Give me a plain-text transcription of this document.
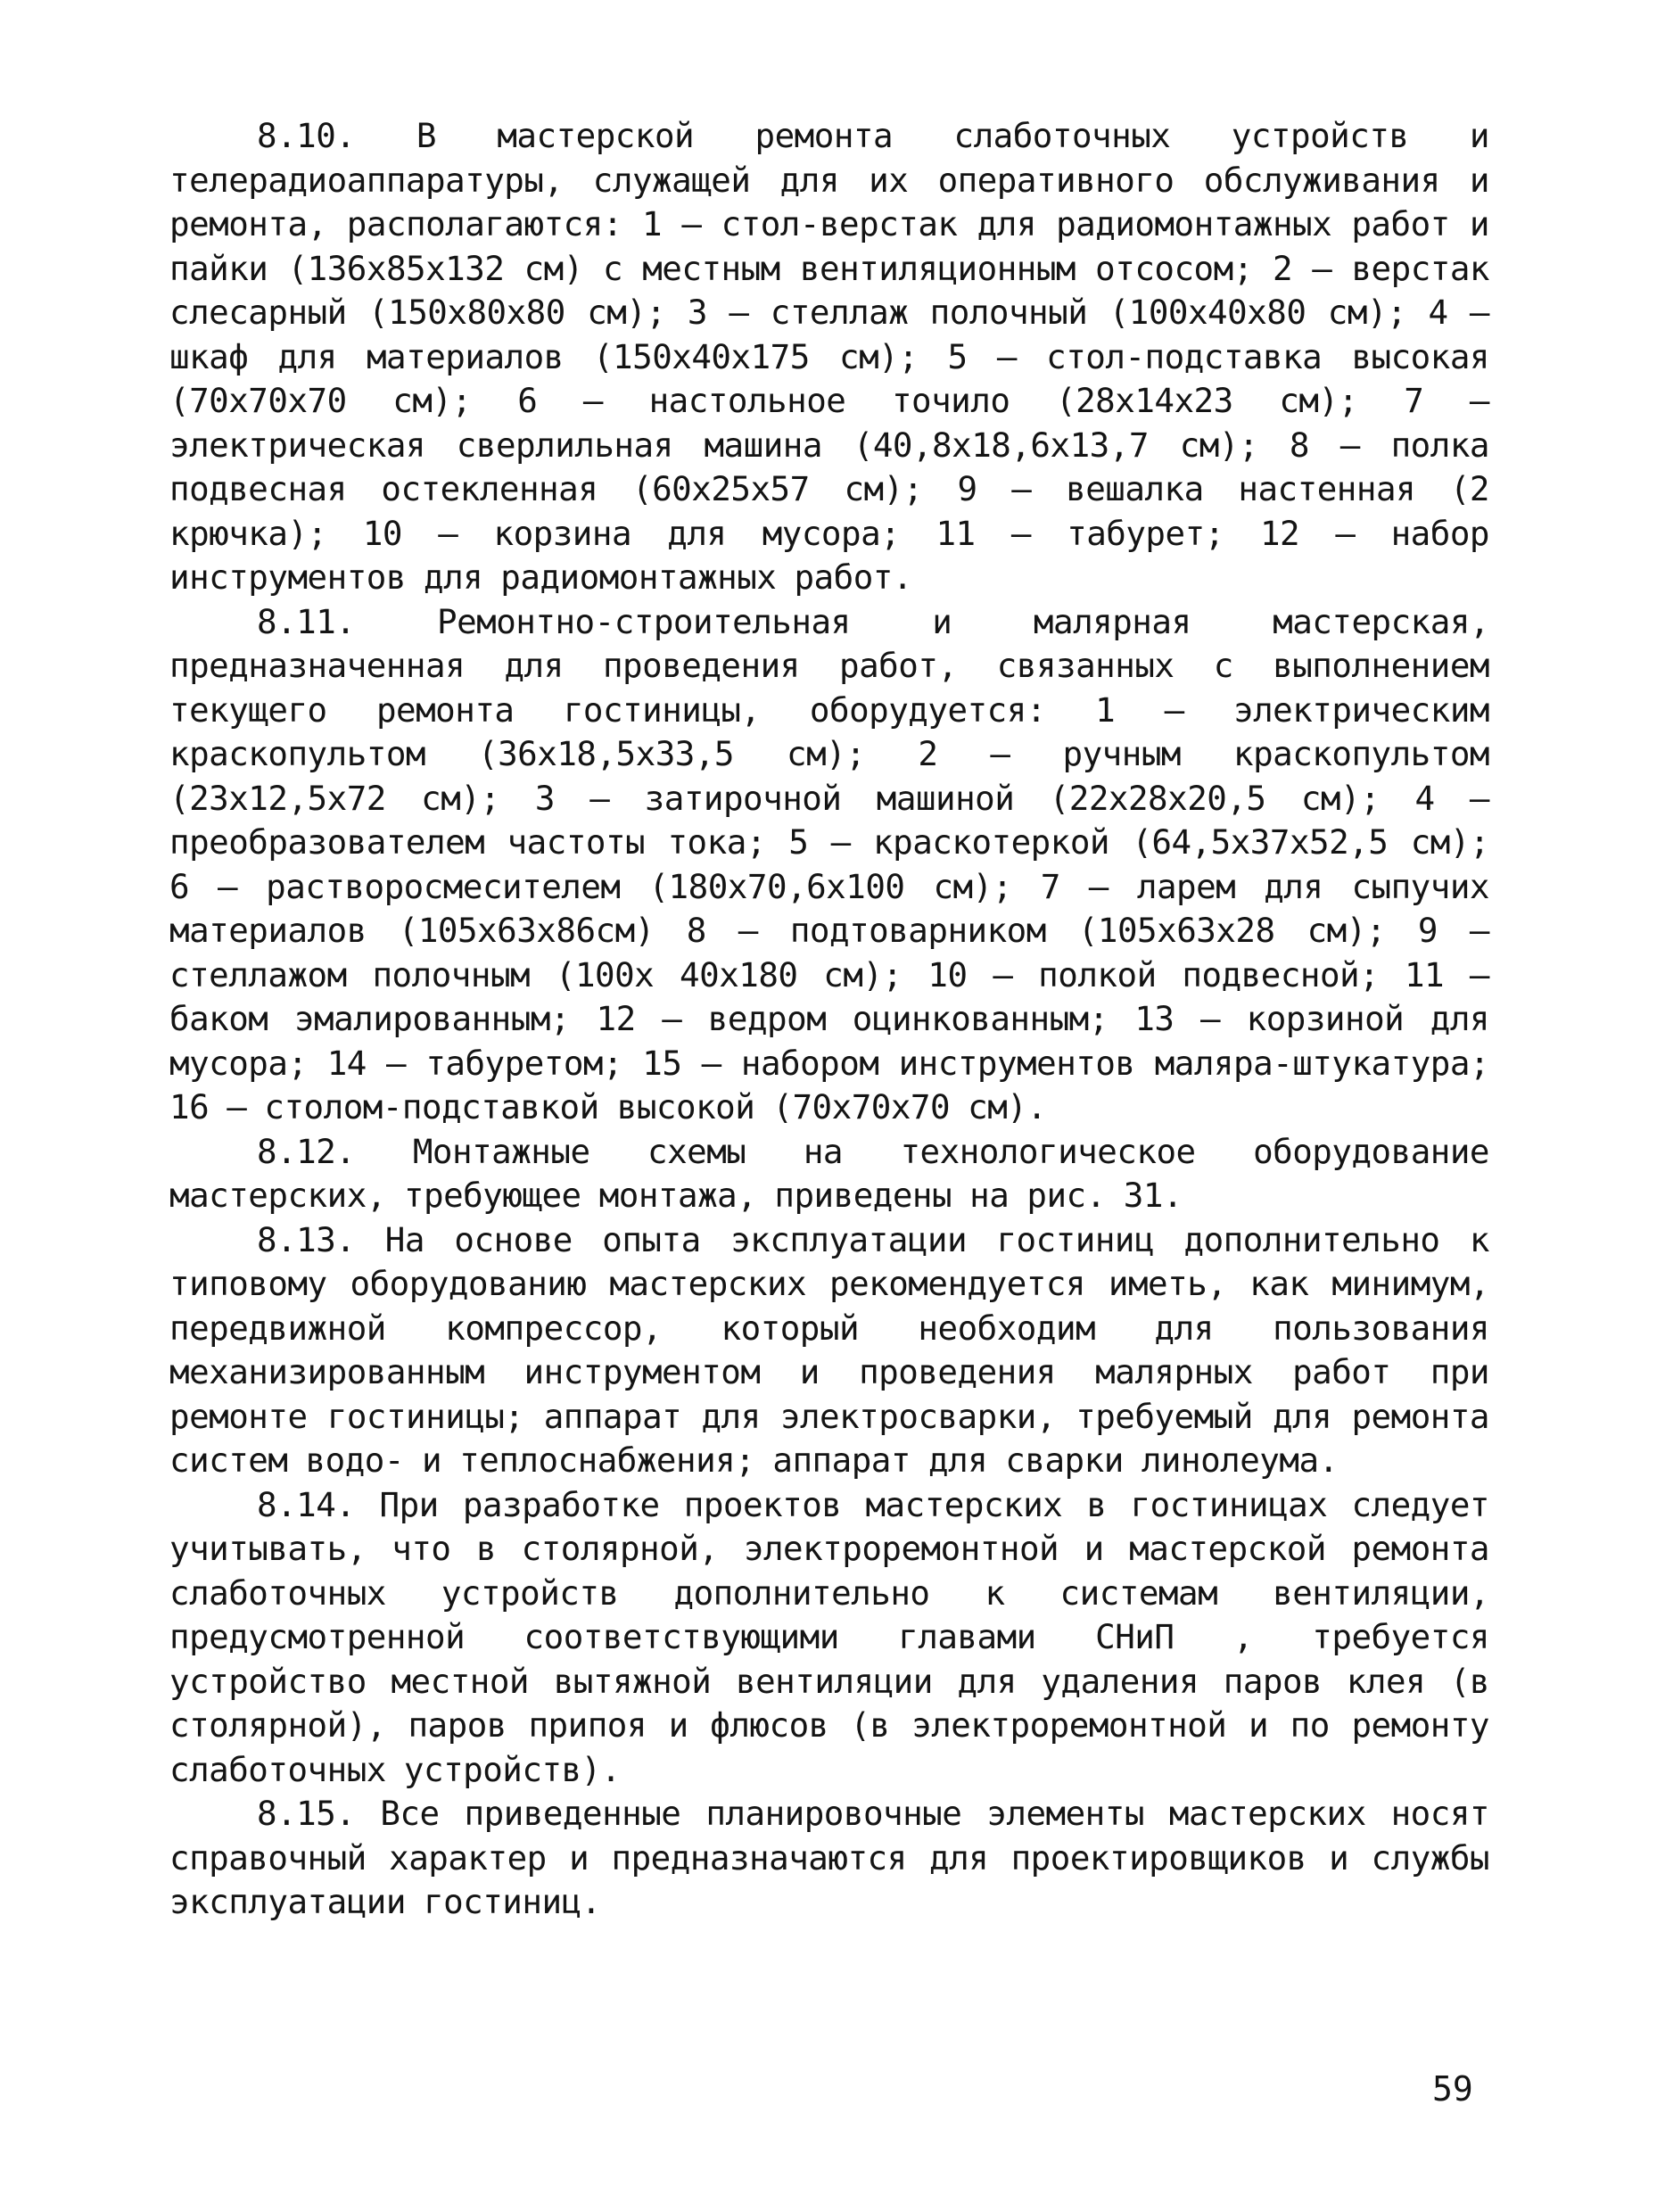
8.10. В мастерской ремонта слаботочных устройств и телерадиоаппаратуры, служащей для их оперативного обслуживания и ремонта, располагаются: 1 – стол-верстак для радиомонтажных работ и пайки (136x85x132 см) с местным вентиляционным отсосом; 2 – верстак слесарный (150x80x80 см); 3 – стеллаж полочный (100x40x80 см); 4 – шкаф для материалов (150x40x175 см); 5 – стол-подставка высокая (70x70x70 см); 6 – настольное точило (28x14x23 см); 7 – электрическая сверлильная машина (40,8x18,6x13,7 см); 8 – полка подвесная остекленная (60x25x57 см); 9 – вешалка настенная (2 крючка); 10 – корзина для мусора; 11 – табурет; 12 – набор инструментов для радиомонтажных работ.

8.11. Ремонтно-строительная и малярная мастерская, предназначенная для проведения работ, связанных с выполнением текущего ремонта гостиницы, оборудуется: 1 – электрическим краскопультом (36x18,5x33,5 см); 2 – ручным краскопультом (23x12,5x72 см); 3 – затирочной машиной (22x28x20,5 см); 4 – преобразователем частоты тока; 5 – краскотеркой (64,5x37x52,5 см); 6 – растворосмесителем (180x70,6x100 см); 7 – ларем для сыпучих материалов (105x63x86см) 8 – подтоварником (105x63x28 см); 9 – стеллажом полочным (100x 40x180 см); 10 – полкой подвесной; 11 – баком эмалированным; 12 – ведром оцинкованным; 13 – корзиной для мусора; 14 – табуретом; 15 – набором инструментов маляра-штукатура; 16 – столом-подставкой высокой (70x70x70 см).

8.12. Монтажные схемы на технологическое оборудование мастерских, требующее монтажа, приведены на рис. 31.

8.13. На основе опыта эксплуатации гостиниц дополнительно к типовому оборудованию мастерских рекомендуется иметь, как минимум, передвижной компрессор, который необходим для пользования механизированным инструментом и проведения малярных работ при ремонте гостиницы; аппарат для электросварки, требуемый для ремонта систем водо- и теплоснабжения; аппарат для сварки линолеума.

8.14. При разработке проектов мастерских в гостиницах следует учитывать, что в столярной, электроремонтной и мастерской ремонта слаботочных устройств дополнительно к системам вентиляции, предусмотренной соответствующими главами СНиП , требуется устройство местной вытяжной вентиляции для удаления паров клея (в столярной), паров припоя и флюсов (в электроремонтной и по ремонту слаботочных устройств).

8.15. Все приведенные планировочные элементы мастерских носят справочный характер и предназначаются для проектировщиков и службы эксплуатации гостиниц.

59
